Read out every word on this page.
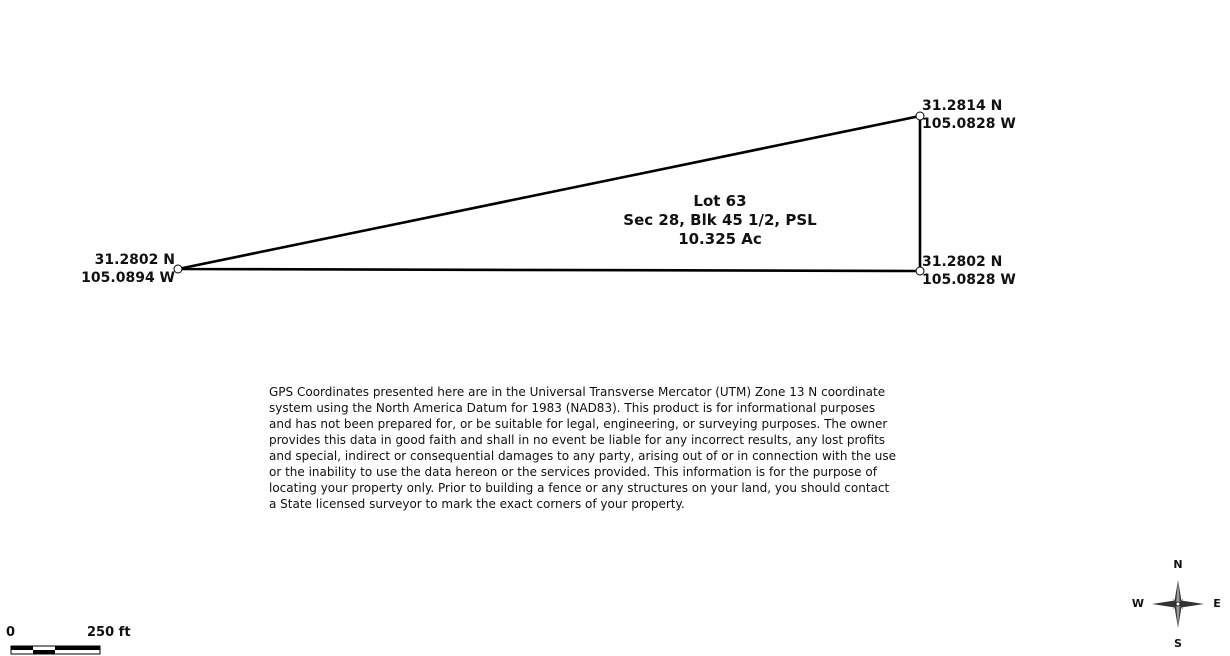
31.2802 N
105.0894 W
31.2814 N
105.0828 W
31.2802 N
105.0828 W
Lot 63
Sec 28, Blk 45 1/2, PSL
10.325 Ac
GPS Coordinates presented here are in the Universal Transverse Mercator (UTM) Zone 13 N coordinate
system using the North America Datum for 1983 (NAD83). This product is for informational purposes
and has not been prepared for, or be suitable for legal, engineering, or surveying purposes. The owner
provides this data in good faith and shall in no event be liable for any incorrect results, any lost profits
and special, indirect or consequential damages to any party, arising out of or in connection with the use
or the inability to use the data hereon or the services provided. This information is for the purpose of
locating your property only. Prior to building a fence or any structures on your land, you should contact
a State licensed surveyor to mark the exact corners of your property.
0	250 ft
N
S
E
W
